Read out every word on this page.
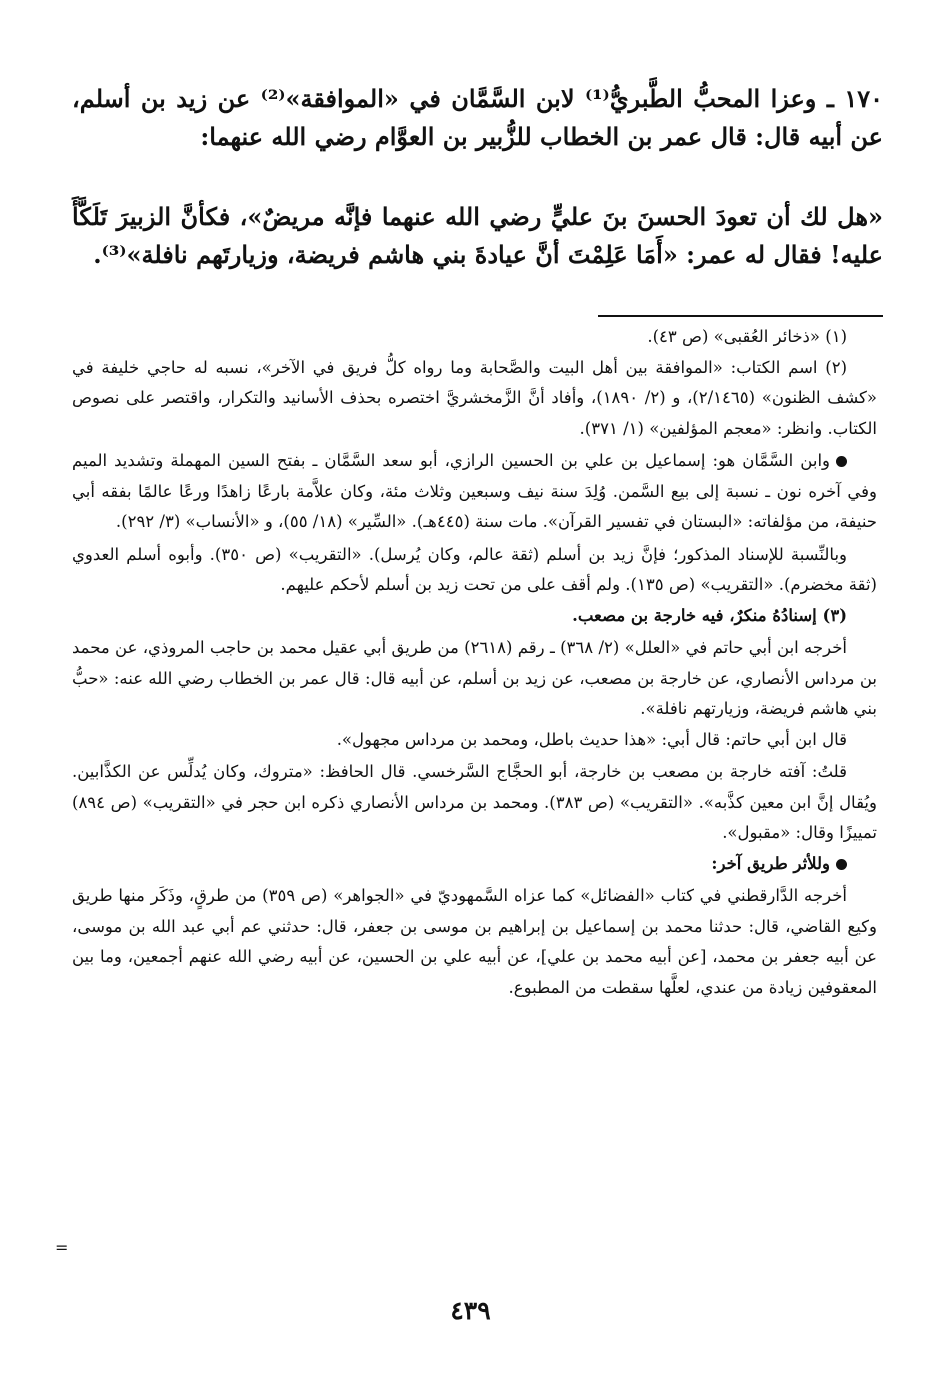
١٧٠ ـ وعزا المحبُّ الطَّبريُّ⁽¹⁾ لابن السَّمَّان في «الموافقة»⁽²⁾ عن زيد بن أسلم، عن أبيه قال: قال عمر بن الخطاب للزُّبير بن العوَّام رضي الله عنهما:

«هل لك أن تعودَ الحسنَ بنَ عليٍّ رضي الله عنهما فإنَّه مريضٌ»، فكأنَّ الزبيرَ تَلَكَّأَ عليه! فقال له عمر: «أَمَا عَلِمْتَ أنَّ عيادةَ بني هاشم فريضة، وزيارتَهم نافلة»⁽³⁾.

(١) «ذخائر العُقبى» (ص ٤٣).

(٢) اسم الكتاب: «الموافقة بين أهل البيت والصَّحابة وما رواه كلُّ فريق في الآخر»، نسبه له حاجي خليفة في «كشف الظنون» (٢/١٤٦٥)، و (٢/ ١٨٩٠)، وأفاد أنَّ الزَّمخشريَّ اختصره بحذف الأسانيد والتكرار، واقتصر على نصوص الكتاب. وانظر: «معجم المؤلفين» (١/ ٣٧١).

وابن السَّمَّان هو: إسماعيل بن علي بن الحسين الرازي، أبو سعد السَّمَّان ـ بفتح السين المهملة وتشديد الميم وفي آخره نون ـ نسبة إلى بيع السَّمن. وُلِدَ سنة نيف وسبعين وثلاث مئة، وكان علاَّمة بارعًا زاهدًا ورعًا عالمًا بفقه أبي حنيفة، من مؤلفاته: «البستان في تفسير القرآن». مات سنة (٤٤٥هـ). «السِّير» (١٨/ ٥٥)، و «الأنساب» (٣/ ٢٩٢).

وبالنِّسبة للإسناد المذكور؛ فإنَّ زيد بن أسلم (ثقة عالم، وكان يُرسل). «التقريب» (ص ٣٥٠). وأبوه أسلم العدوي (ثقة مخضرم). «التقريب» (ص ١٣٥). ولم أقف على من تحت زيد بن أسلم لأحكم عليهم.

(٣) إسنادُهُ منكرٌ، فيه خارجة بن مصعب.

أخرجه ابن أبي حاتم في «العلل» (٢/ ٣٦٨) ـ رقم (٢٦١٨) من طريق أبي عقيل محمد بن حاجب المروذي، عن محمد بن مرداس الأنصاري، عن خارجة بن مصعب، عن زيد بن أسلم، عن أبيه قال: قال عمر بن الخطاب رضي الله عنه: «حبُّ بني هاشم فريضة، وزيارتهم نافلة».

قال ابن أبي حاتم: قال أبي: «هذا حديث باطل، ومحمد بن مرداس مجهول».

قلتُ: آفته خارجة بن مصعب بن خارجة، أبو الحجَّاج السَّرخسي. قال الحافظ: «متروك، وكان يُدلِّس عن الكذَّابين. ويُقال إنَّ ابن معين كذَّبه». «التقريب» (ص ٣٨٣). ومحمد بن مرداس الأنصاري ذكره ابن حجر في «التقريب» (ص ٨٩٤) تمييزًا وقال: «مقبول».

وللأثر طريق آخر:

أخرجه الدَّارقطني في كتاب «الفضائل» كما عزاه السَّمهوديّ في «الجواهر» (ص ٣٥٩) من طرقٍ، وذَكَر منها طريق وكيع القاضي، قال: حدثنا محمد بن إسماعيل بن إبراهيم بن موسى بن جعفر، قال: حدثني عم أبي عبد الله بن موسى، عن أبيه جعفر بن محمد، [عن أبيه محمد بن علي]، عن أبيه علي بن الحسين، عن أبيه رضي الله عنهم أجمعين، وما بين المعقوفين زيادة من عندي، لعلَّها سقطت من المطبوع.

=
٤٣٩
